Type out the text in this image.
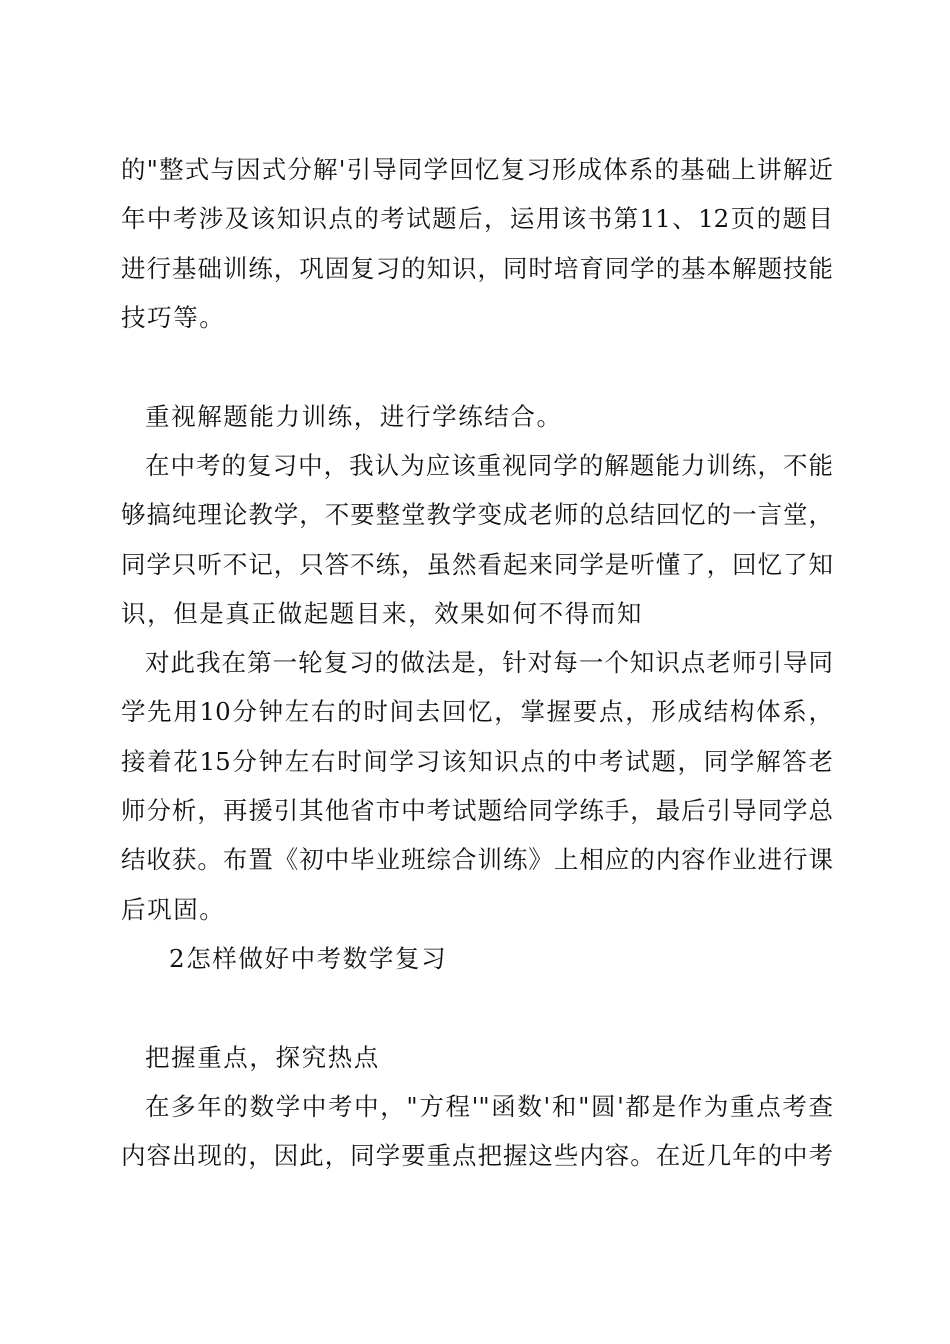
的"整式与因式分解'引导同学回忆复习形成体系的基础上讲解近
年中考涉及该知识点的考试题后，运用该书第11、12页的题目
进行基础训练，巩固复习的知识，同时培育同学的基本解题技能
技巧等。
重视解题能力训练，进行学练结合。
在中考的复习中，我认为应该重视同学的解题能力训练，不能
够搞纯理论教学，不要整堂教学变成老师的总结回忆的一言堂，
同学只听不记，只答不练，虽然看起来同学是听懂了，回忆了知
识，但是真正做起题目来，效果如何不得而知
对此我在第一轮复习的做法是，针对每一个知识点老师引导同
学先用10分钟左右的时间去回忆，掌握要点，形成结构体系，
接着花15分钟左右时间学习该知识点的中考试题，同学解答老
师分析，再援引其他省市中考试题给同学练手，最后引导同学总
结收获。布置《初中毕业班综合训练》上相应的内容作业进行课
后巩固。
2怎样做好中考数学复习
把握重点，探究热点
在多年的数学中考中，"方程'"函数'和"圆'都是作为重点考查
内容出现的，因此，同学要重点把握这些内容。在近几年的中考
